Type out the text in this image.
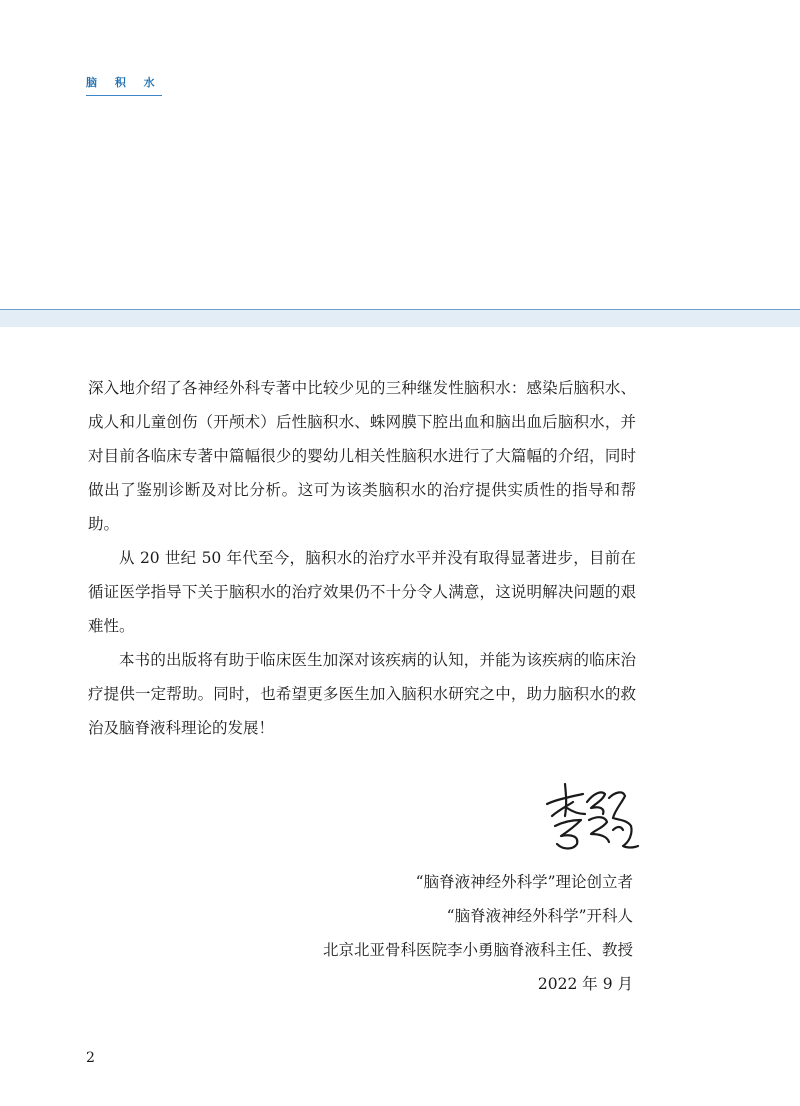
脑 积 水

深入地介绍了各神经外科专著中比较少见的三种继发性脑积水：感染后脑积水、成人和儿童创伤（开颅术）后性脑积水、蛛网膜下腔出血和脑出血后脑积水，并对目前各临床专著中篇幅很少的婴幼儿相关性脑积水进行了大篇幅的介绍，同时做出了鉴别诊断及对比分析。这可为该类脑积水的治疗提供实质性的指导和帮助。

从 20 世纪 50 年代至今，脑积水的治疗水平并没有取得显著进步，目前在循证医学指导下关于脑积水的治疗效果仍不十分令人满意，这说明解决问题的艰难性。

本书的出版将有助于临床医生加深对该疾病的认知，并能为该疾病的临床治疗提供一定帮助。同时，也希望更多医生加入脑积水研究之中，助力脑积水的救治及脑脊液科理论的发展！

“脑脊液神经外科学”理论创立者
“脑脊液神经外科学”开科人
北京北亚骨科医院李小勇脑脊液科主任、教授
2022 年 9 月
2
